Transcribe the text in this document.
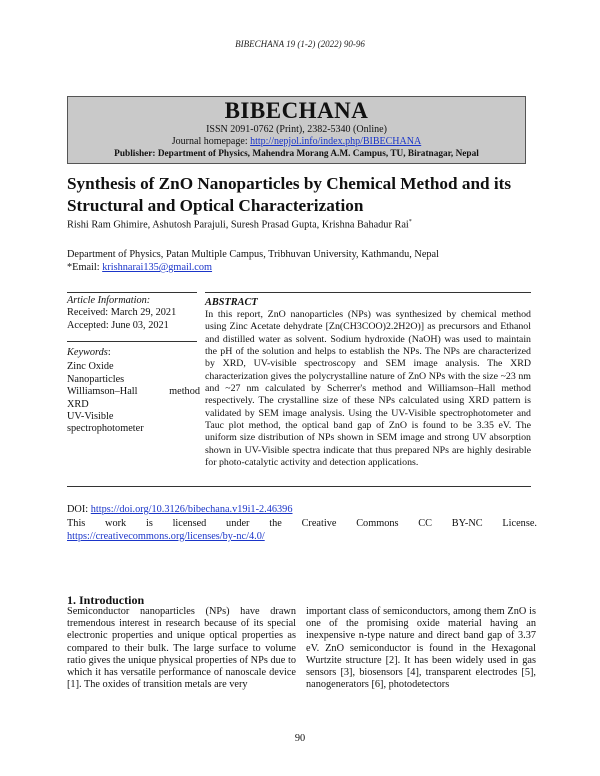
BIBECHANA 19 (1-2) (2022) 90-96
BIBECHANA
ISSN 2091-0762 (Print), 2382-5340 (Online)
Journal homepage: http://nepjol.info/index.php/BIBECHANA
Publisher: Department of Physics, Mahendra Morang A.M. Campus, TU, Biratnagar, Nepal
Synthesis of ZnO Nanoparticles by Chemical Method and its Structural and Optical Characterization
Rishi Ram Ghimire, Ashutosh Parajuli, Suresh Prasad Gupta, Krishna Bahadur Rai*
Department of Physics, Patan Multiple Campus, Tribhuvan University, Kathmandu, Nepal
*Email: krishnarai135@gmail.com
Article Information:
Received: March 29, 2021
Accepted: June 03, 2021
Keywords:
Zinc Oxide
Nanoparticles
Williamson–Hall	method
XRD
UV-Visible
spectrophotometer
ABSTRACT

In this report, ZnO nanoparticles (NPs) was synthesized by chemical method using Zinc Acetate dehydrate [Zn(CH3COO)2.2H2O)] as precursors and Ethanol and distilled water as solvent. Sodium hydroxide (NaOH) was used to maintain the pH of the solution and helps to establish the NPs. The NPs are characterized by XRD, UV-visible spectroscopy and SEM image analysis. The XRD characterization gives the polycrystalline nature of ZnO NPs with the size ~23 nm and ~27 nm calculated by Scherrer's method and Williamson–Hall method respectively. The crystalline size of these NPs calculated using XRD pattern is validated by SEM image analysis. Using the UV-Visible spectrophotometer and Tauc plot method, the optical band gap of ZnO is found to be 3.35 eV. The uniform size distribution of NPs shown in SEM image and strong UV absorption shown in UV-Visible spectra indicate that thus prepared NPs are highly desirable for photo-catalytic activity and detection applications.

DOI: https://doi.org/10.3126/bibechana.v19i1-2.46396
This work is licensed under the Creative Commons CC BY-NC License.
https://creativecommons.org/licenses/by-nc/4.0/
1. Introduction

Semiconductor nanoparticles (NPs) have drawn tremendous interest in research because of its special electronic properties and unique optical properties as compared to their bulk. The large surface to volume ratio gives the unique physical properties of NPs due to which it has versatile performance of nanoscale device [1]. The oxides of transition metals are very

important class of semiconductors, among them ZnO is one of the promising oxide material having an inexpensive n-type nature and direct band gap of 3.37 eV. ZnO semiconductor is found in the Hexagonal Wurtzite structure [2]. It has been widely used in gas sensors [3], biosensors [4], transparent electrodes [5], nanogenerators [6], photodetectors

90
